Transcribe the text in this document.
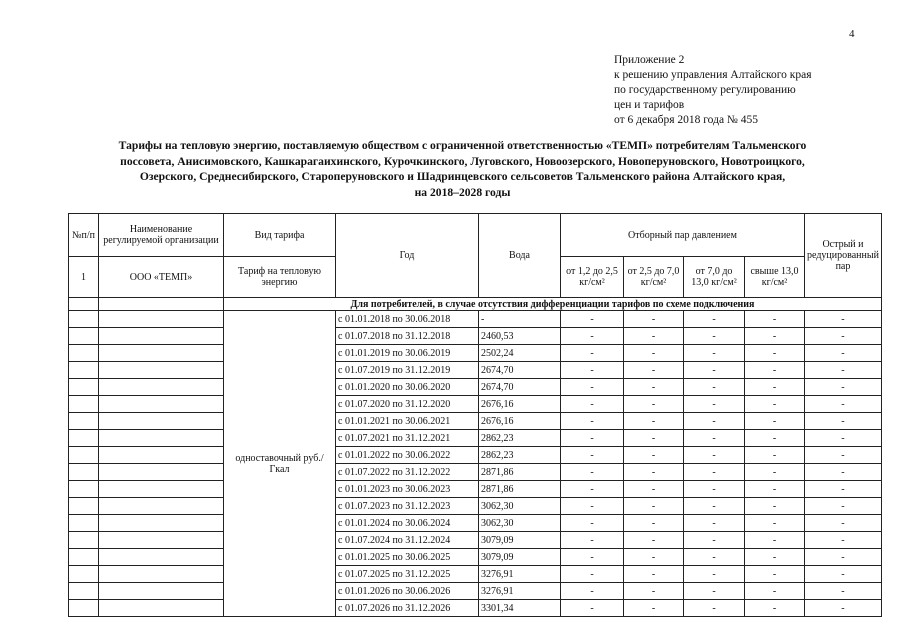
4
Приложение 2
к решению управления Алтайского края
по государственному регулированию
цен и тарифов
от 6 декабря 2018 года № 455
Тарифы на тепловую энергию, поставляемую обществом с ограниченной ответственностью «ТЕМП» потребителям Тальменского
поссовета, Анисимовского, Кашкарагаихинского, Курочкинского, Луговского, Новоозерского, Новоперуновского, Новотроицкого,
Озерского, Среднесибирского, Староперуновского и Шадринцевского сельсоветов Тальменского района Алтайского края,
на 2018–2028 годы
№п/п	Наименование регулируемой организации	Вид тарифа	Год	Вода	Отборный пар давлением				Острый и редуцированный пар
1	ООО «ТЕМП»	Тариф на тепловую энергию			от 1,2 до 2,5 кг/см²	от 2,5 до 7,0 кг/см²	от 7,0 до 13,0 кг/см²	свыше 13,0 кг/см²	
		Для потребителей, в случае отсутствия дифференциации тарифов по схеме подключения							
		одноставочный руб./Гкал	с 01.01.2018 по 30.06.2018	-	-	-	-	-	-
			с 01.07.2018 по 31.12.2018	2460,53	-	-	-	-	-
			с 01.01.2019 по 30.06.2019	2502,24	-	-	-	-	-
			с 01.07.2019 по 31.12.2019	2674,70	-	-	-	-	-
			с 01.01.2020 по 30.06.2020	2674,70	-	-	-	-	-
			с 01.07.2020 по 31.12.2020	2676,16	-	-	-	-	-
			с 01.01.2021 по 30.06.2021	2676,16	-	-	-	-	-
			с 01.07.2021 по 31.12.2021	2862,23	-	-	-	-	-
			с 01.01.2022 по 30.06.2022	2862,23	-	-	-	-	-
			с 01.07.2022 по 31.12.2022	2871,86	-	-	-	-	-
			с 01.01.2023 по 30.06.2023	2871,86	-	-	-	-	-
			с 01.07.2023 по 31.12.2023	3062,30	-	-	-	-	-
			с 01.01.2024 по 30.06.2024	3062,30	-	-	-	-	-
			с 01.07.2024 по 31.12.2024	3079,09	-	-	-	-	-
			с 01.01.2025 по 30.06.2025	3079,09	-	-	-	-	-
			с 01.07.2025 по 31.12.2025	3276,91	-	-	-	-	-
			с 01.01.2026 по 30.06.2026	3276,91	-	-	-	-	-
			с 01.07.2026 по 31.12.2026	3301,34	-	-	-	-	-
